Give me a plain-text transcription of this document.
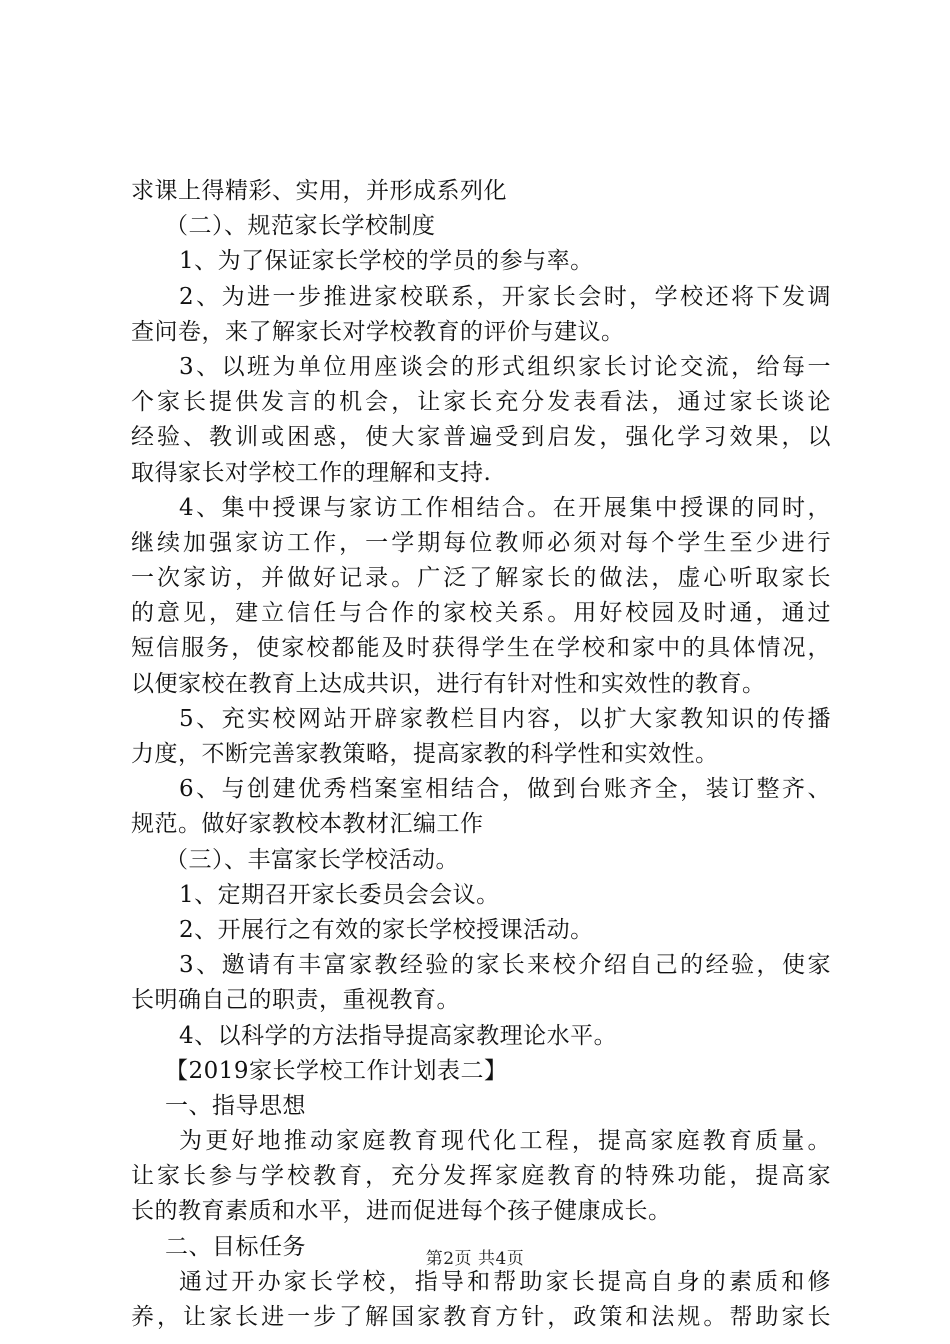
求课上得精彩、实用，并形成系列化
（二）、规范家长学校制度
1、为了保证家长学校的学员的参与率。
2、为进一步推进家校联系，开家长会时，学校还将下发调
查问卷，来了解家长对学校教育的评价与建议。
3、以班为单位用座谈会的形式组织家长讨论交流，给每一
个家长提供发言的机会，让家长充分发表看法，通过家长谈论
经验、教训或困惑，使大家普遍受到启发，强化学习效果，以
取得家长对学校工作的理解和支持.
4、集中授课与家访工作相结合。在开展集中授课的同时，
继续加强家访工作，一学期每位教师必须对每个学生至少进行
一次家访，并做好记录。广泛了解家长的做法，虚心听取家长
的意见，建立信任与合作的家校关系。用好校园及时通，通过
短信服务，使家校都能及时获得学生在学校和家中的具体情况，
以便家校在教育上达成共识，进行有针对性和实效性的教育。
5、充实校网站开辟家教栏目内容，以扩大家教知识的传播
力度，不断完善家教策略，提高家教的科学性和实效性。
6、与创建优秀档案室相结合，做到台账齐全，装订整齐、
规范。做好家教校本教材汇编工作
（三）、丰富家长学校活动。
1、定期召开家长委员会会议。
2、开展行之有效的家长学校授课活动。
3、邀请有丰富家教经验的家长来校介绍自己的经验，使家
长明确自己的职责，重视教育。
4、以科学的方法指导提高家教理论水平。
【2019家长学校工作计划表二】
一、指导思想
为更好地推动家庭教育现代化工程，提高家庭教育质量。
让家长参与学校教育，充分发挥家庭教育的特殊功能，提高家
长的教育素质和水平，进而促进每个孩子健康成长。
二、目标任务
通过开办家长学校，指导和帮助家长提高自身的素质和修
养，让家长进一步了解国家教育方针，政策和法规。帮助家长
第2页 共4页
